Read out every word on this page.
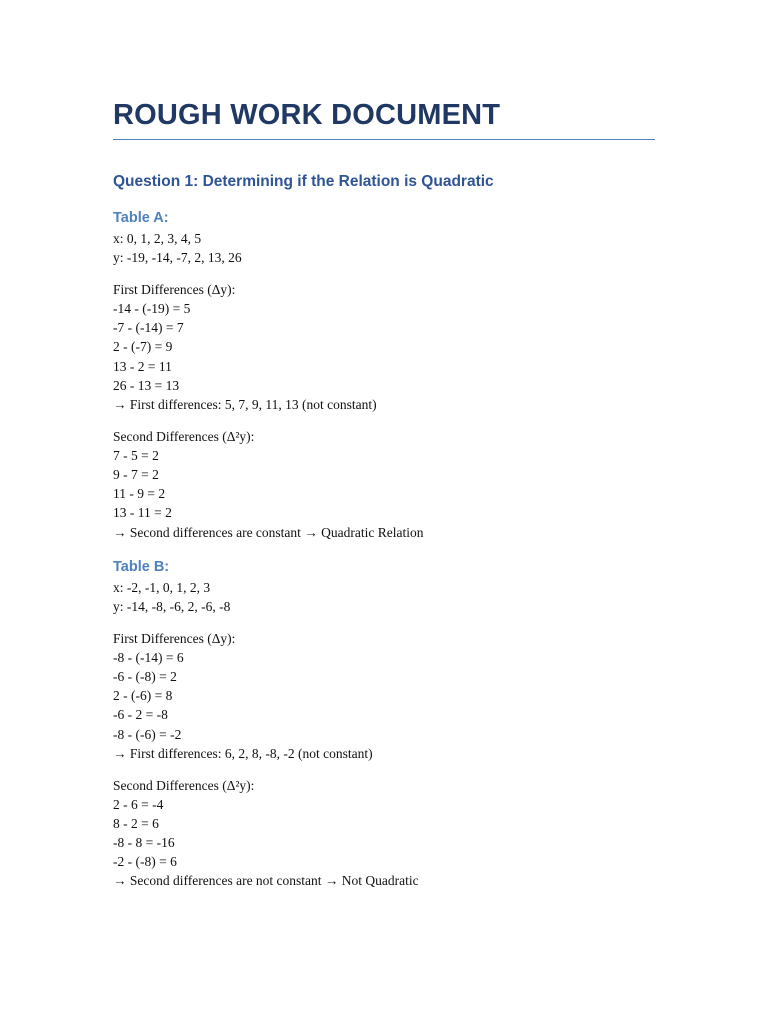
ROUGH WORK DOCUMENT
Question 1: Determining if the Relation is Quadratic
Table A:

x: 0, 1, 2, 3, 4, 5

y: -19, -14, -7, 2, 13, 26

First Differences (Δy):

-14 - (-19) = 5

-7 - (-14) = 7

2 - (-7) = 9

13 - 2 = 11

26 - 13 = 13

→ First differences: 5, 7, 9, 11, 13 (not constant)

Second Differences (Δ²y):

7 - 5 = 2

9 - 7 = 2

11 - 9 = 2

13 - 11 = 2

→ Second differences are constant → Quadratic Relation

Table B:

x: -2, -1, 0, 1, 2, 3

y: -14, -8, -6, 2, -6, -8

First Differences (Δy):

-8 - (-14) = 6

-6 - (-8) = 2

2 - (-6) = 8

-6 - 2 = -8

-8 - (-6) = -2

→ First differences: 6, 2, 8, -8, -2 (not constant)

Second Differences (Δ²y):

2 - 6 = -4

8 - 2 = 6

-8 - 8 = -16

-2 - (-8) = 6

→ Second differences are not constant → Not Quadratic
